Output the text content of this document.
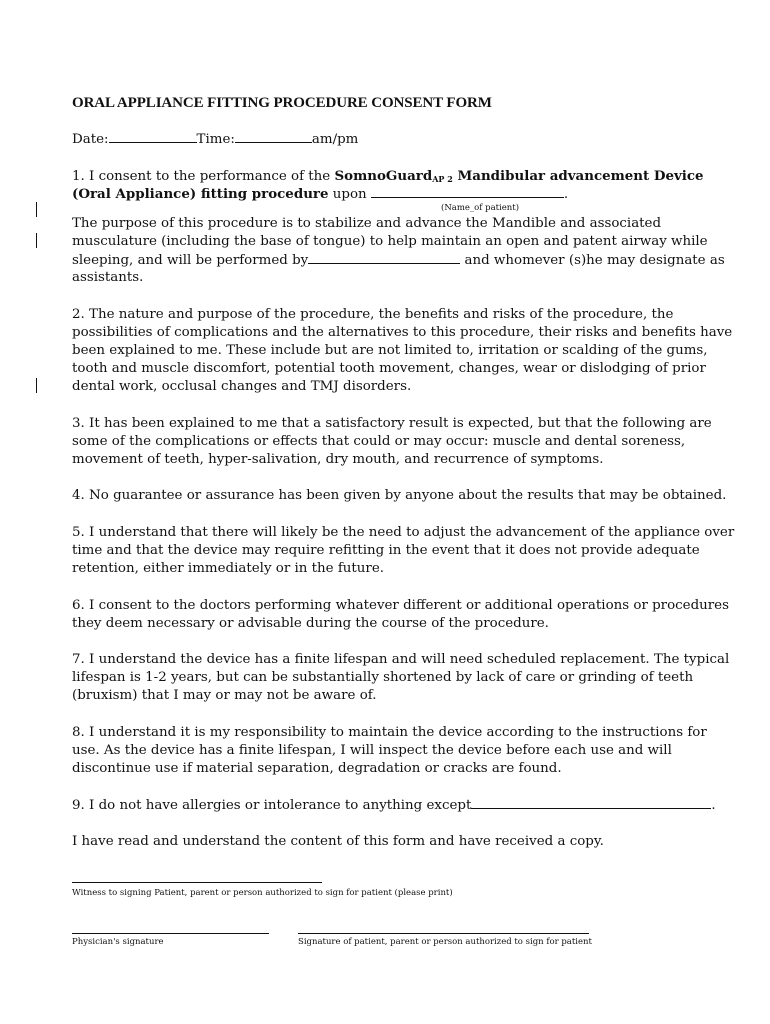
ORAL APPLIANCE FITTING PROCEDURE CONSENT FORM

Date:	Time:	am/pm

1. I consent to the performance of the SomnoGuard$_{AP 2}$ Mandibular advancement Device

(Oral Appliance) fitting procedure upon	.

(Name_of patient)

The purpose of this procedure is to stabilize and advance the Mandible and associated

musculature (including the base of tongue) to help maintain an open and patent airway while

sleeping, and will be performed by	and whomever (s)he may designate as

assistants.

2. The nature and purpose of the procedure, the benefits and risks of the procedure, the

possibilities of complications and the alternatives to this procedure, their risks and benefits have

been explained to me. These include but are not limited to, irritation or scalding of the gums,

tooth and muscle discomfort, potential tooth movement, changes, wear or dislodging of prior

dental work, occlusal changes and TMJ disorders.

3. It has been explained to me that a satisfactory result is expected, but that the following are

some of the complications or effects that could or may occur: muscle and dental soreness,

movement of teeth, hyper-salivation, dry mouth, and recurrence of symptoms.

4. No guarantee or assurance has been given by anyone about the results that may be obtained.

5. I understand that there will likely be the need to adjust the advancement of the appliance over

time and that the device may require refitting in the event that it does not provide adequate

retention, either immediately or in the future.

6. I consent to the doctors performing whatever different or additional operations or procedures

they deem necessary or advisable during the course of the procedure.

7. I understand the device has a finite lifespan and will need scheduled replacement. The typical

lifespan is 1-2 years, but can be substantially shortened by lack of care or grinding of teeth

(bruxism) that I may or may not be aware of.

8. I understand it is my responsibility to maintain the device according to the instructions for

use. As the device has a finite lifespan, I will inspect the device before each use and will

discontinue use if material separation, degradation or cracks are found.

9. I do not have allergies or intolerance to anything except	.

I have read and understand the content of this form and have received a copy.

Witness to signing Patient, parent or person authorized to sign for patient (please print)
Physician's signature	Signature of patient, parent or person authorized to sign for patient
